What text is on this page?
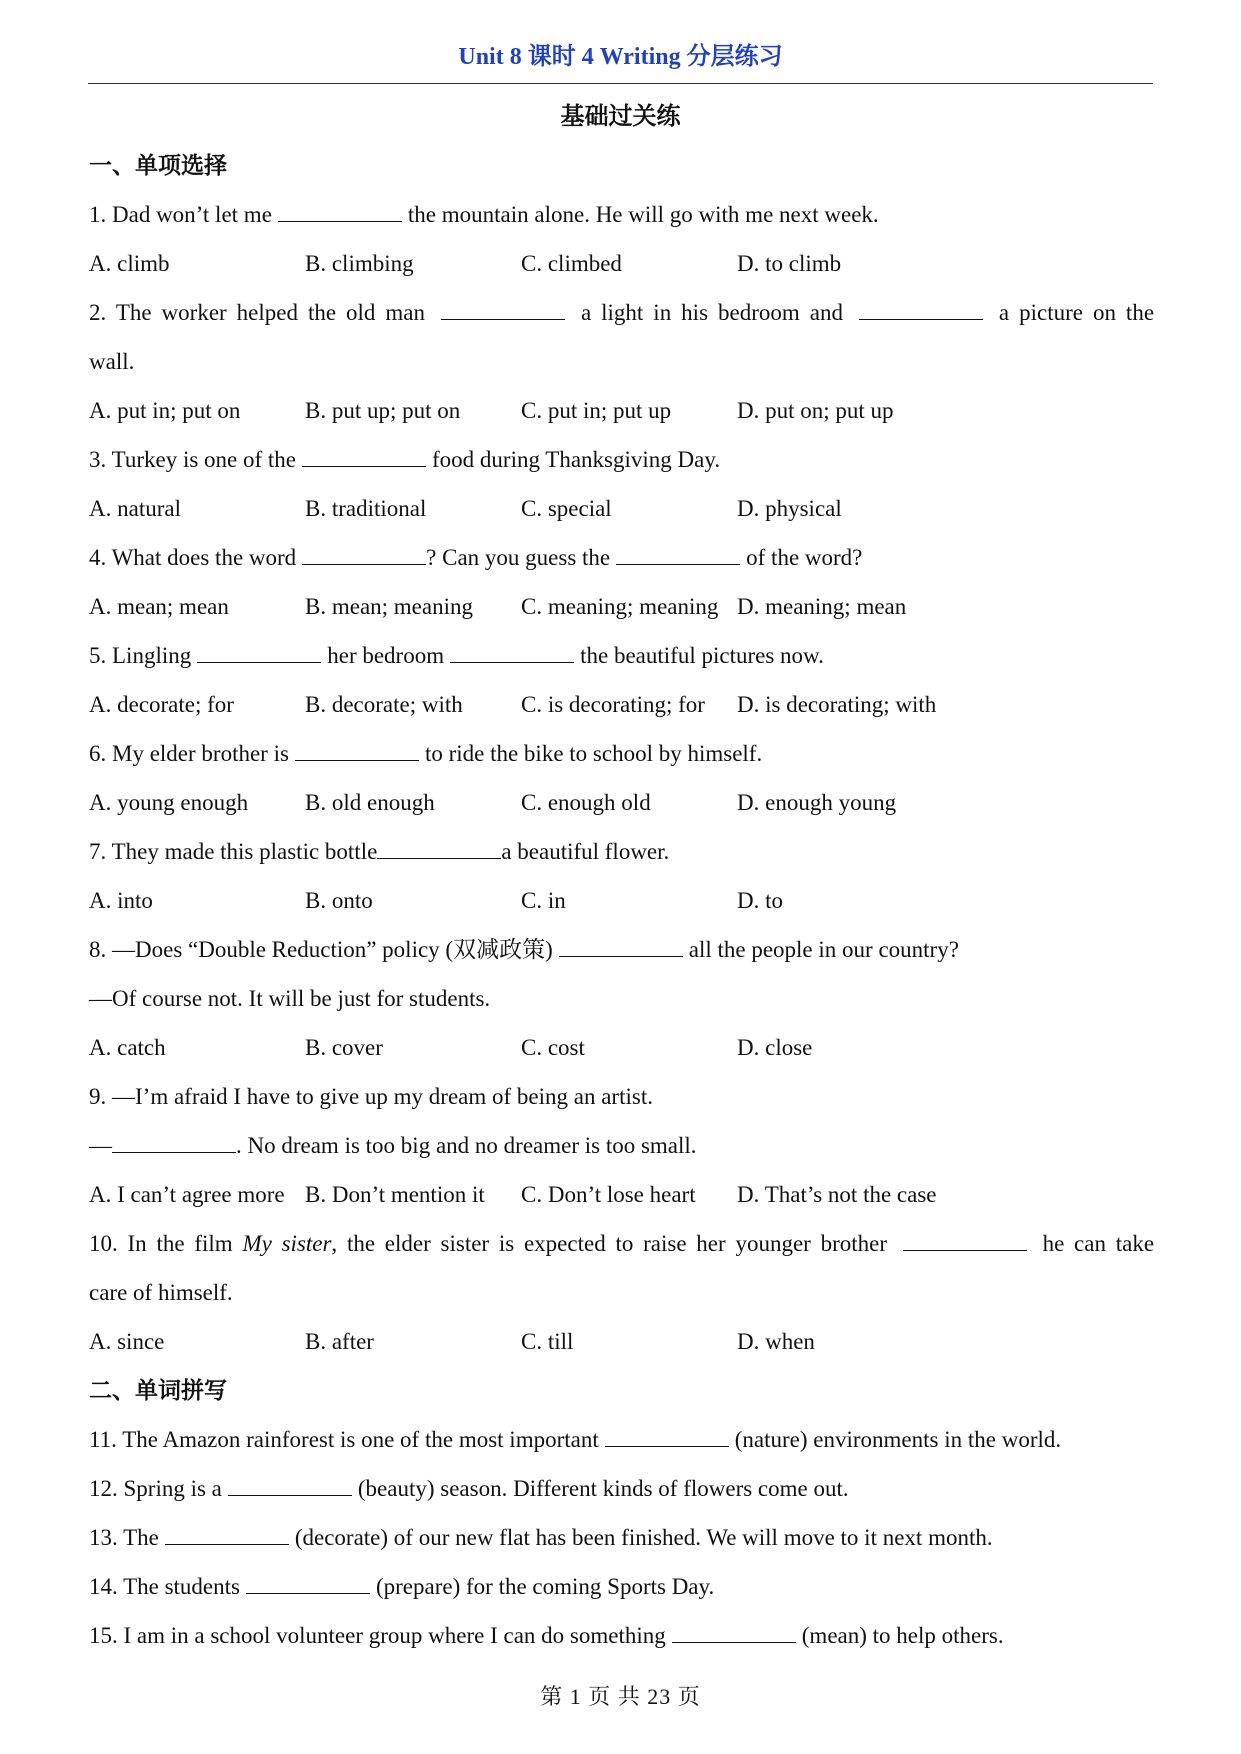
Unit 8 课时 4 Writing 分层练习
基础过关练
一、单项选择
1. Dad won’t let me	the mountain alone. He will go with me next week.
A. climb	B. climbing	C. climbed	D. to climb
2. The worker helped the old man	a light in his bedroom and	a picture on the
wall.
A. put in; put on	B. put up; put on	C. put in; put up	D. put on; put up
3. Turkey is one of the	food during Thanksgiving Day.
A. natural	B. traditional	C. special	D. physical
4. What does the word	? Can you guess the	of the word?
A. mean; mean	B. mean; meaning	C. meaning; meaning D. meaning; mean
5. Lingling	her bedroom	the beautiful pictures now.
A. decorate; for	B. decorate; with	C. is decorating; for	D. is decorating; with
6. My elder brother is	to ride the bike to school by himself.
A. young enough	B. old enough	C. enough old	D. enough young
7. They made this plastic bottle	a beautiful flower.
A. into	B. onto	C. in	D. to
8. —Does “Double Reduction” policy (双减政策)	all the people in our country?
—Of course not. It will be just for students.
A. catch	B. cover	C. cost	D. close
9. —I’m afraid I have to give up my dream of being an artist.
—	. No dream is too big and no dreamer is too small.
A. I can’t agree more B. Don’t mention it	C. Don’t lose heart	D. That’s not the case
10. In the film My sister, the elder sister is expected to raise her younger brother	he can take
care of himself.
A. since	B. after	C. till	D. when
二、单词拼写
11. The Amazon rainforest is one of the most important	(nature) environments in the world.
12. Spring is a	(beauty) season. Different kinds of flowers come out.
13. The	(decorate) of our new flat has been finished. We will move to it next month.
14. The students	(prepare) for the coming Sports Day.
15. I am in a school volunteer group where I can do something	(mean) to help others.
第 1 页 共 23 页
